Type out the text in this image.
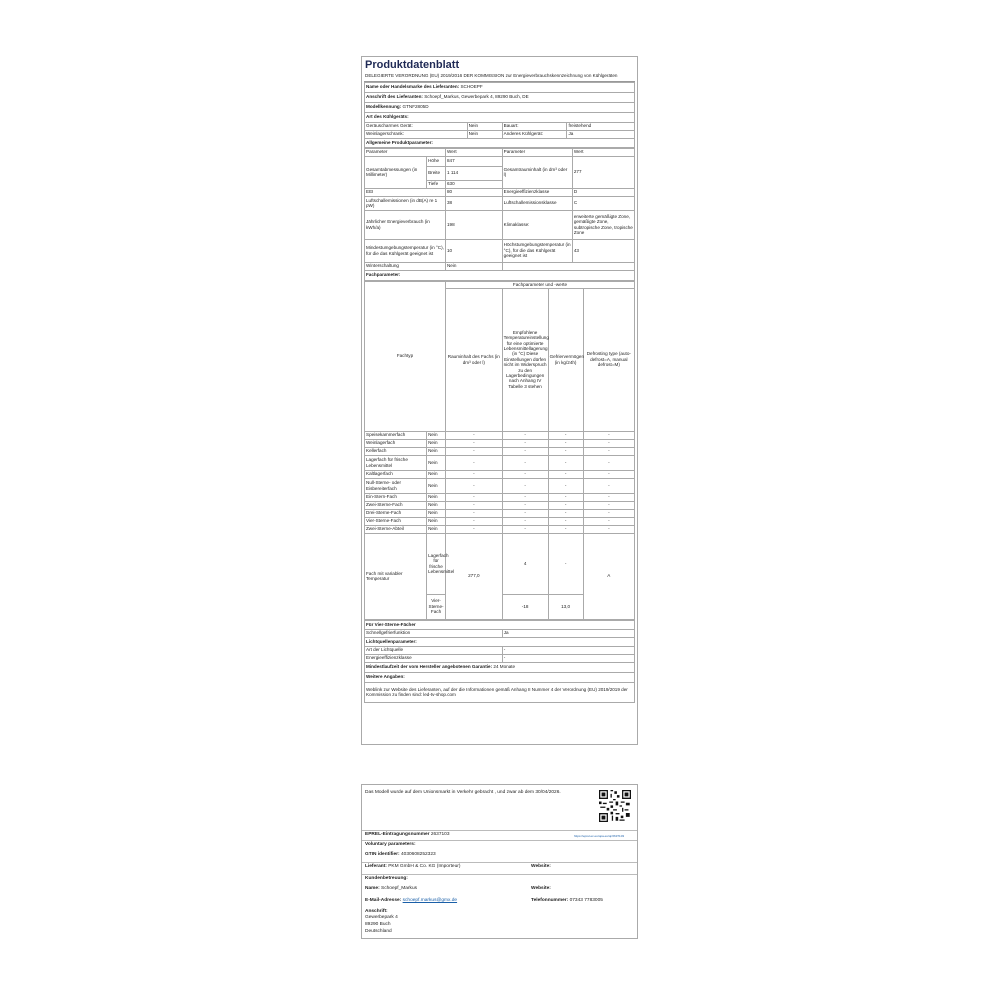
Produktdatenblatt
DELEGIERTE VERORDNUNG (EU) 2019/2016 DER KOMMISSION zur Energieverbrauchskennzeichnung von Kühlgeräten
Name oder Handelsmarke des Lieferanten: SCHOEPF			
Anschrift des Lieferanten: Schoepf_Markus, Gewerbepark 4, 89290 Buch, DE			
Modellkennung: GTNF2805D			
Art des Kühlgeräts:			
Geräuscharmes Gerät:	Nein	Bauart:	freistehend
Weinlagerschrank:	Nein	Anderes Kühlgerät:	Ja
Allgemeine Produktparameter:			
Parameter		Wert	Parameter	Wert
Gesamtabmessungen (in Millimeter)	Höhe	847	Gesamtrauminhalt (in dm³ oder l)	277
	Breite	1 114		
	Tiefe	630		
EEI		80	Energieeffizienzklasse	D
Luftschallemissionen (in dB(A) re 1 pW)		38	Luftschallemissionsklasse	C
Jährlicher Energieverbrauch (in kWh/a)		198	Klimaklasse:	erweiterte gemäßigte Zone, gemäßigte Zone, subtropische Zone, tropische Zone
Mindestumgebungstemperatur (in °C), für die das Kühlgerät geeignet ist		10	Höchstumgebungstemperatur (in °C), für die das Kühlgerät geeignet ist	43
Winterschaltung		Nein		
Fachparameter:				
Fachtyp		Fachparameter und -werte			
		Rauminhalt des Fachs (in dm³ oder l)	Empfohlene Temperatureinstellung für eine optimierte Lebensmittellagerung (in °C) Diese Einstellungen dürfen nicht im Widerspruch zu den Lagerbedingungen nach Anhang IV Tabelle 3 stehen	Gefriervermögen (in kg/24h)	Defrosting type (auto-defrost=A, manual defrost=M)
Speisekammerfach	Nein	-	-	-	-
Weinlagerfach	Nein	-	-	-	-
Kellerfach	Nein	-	-	-	-
Lagerfach für frische Lebensmittel	Nein	-	-	-	-
Kaltlagerfach	Nein	-	-	-	-
Null-Sterne- oder Eisbereiterfach	Nein	-	-	-	-
Ein-Stern-Fach	Nein	-	-	-	-
Zwei-Sterne-Fach	Nein	-	-	-	-
Drei-Sterne-Fach	Nein	-	-	-	-
Vier-Sterne-Fach	Nein	-	-	-	-
Zwei-Sterne-Abteil	Nein	-	-	-	-
Fach mit variabler Temperatur	Lagerfach für frische Lebensmittel	277,0	4	-	A
	Vier-Sterne-Fach		-18	13,0	
Für Vier-Sterne-Fächer	
Schnellgefrierfunktion	Ja
Lichtquellenparameter:	
Art der Lichtquelle	-
Energieeffizienzklasse	-
Mindestlaufzeit der vom Hersteller angebotenen Garantie: 24 Monate	
Weitere Angaben:	
Weblink zur Website des Lieferanten, auf der die Informationen gemäß Anhang II Nummer 4 der Verordnung (EU) 2019/2019 der Kommission zu finden sind: led-tv-shop.com	
Das Modell wurde auf dem Unionsmarkt in Verkehr gebracht , und zwar ab dem 30/04/2026.
EPREL-Eintragungsnummer 2637103	https://eprel.ec.europa.eu/qr/2637103
Voluntary parameters:
GTIN identifier: 4030608252323
Lieferant: PKM GmbH & Co. KG (Importeur)	Website:
Kundenbetreuung:
Name: Schoepf_Markus	Website:
E-Mail-Adresse: schoepf.markus@gmx.de	Telefonnummer: 07343 7783005
Anschrift:
Gewerbepark 4
89290 Buch
Deutschland
